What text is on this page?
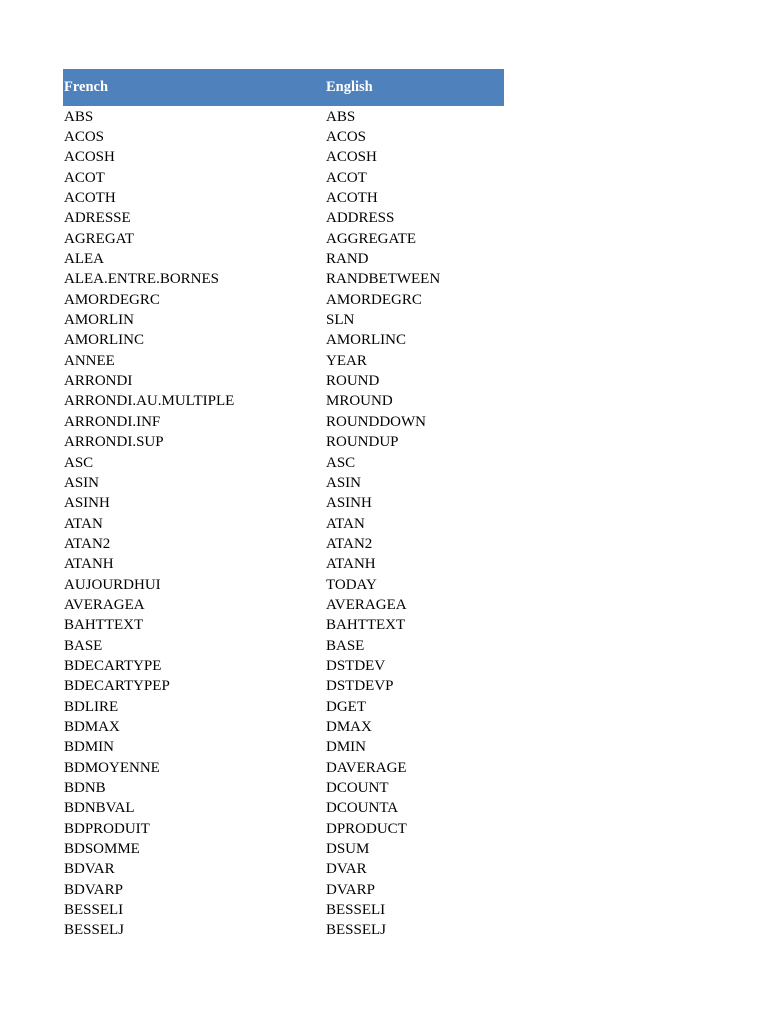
French	English
ABS	ABS
ACOS	ACOS
ACOSH	ACOSH
ACOT	ACOT
ACOTH	ACOTH
ADRESSE	ADDRESS
AGREGAT	AGGREGATE
ALEA	RAND
ALEA.ENTRE.BORNES	RANDBETWEEN
AMORDEGRC	AMORDEGRC
AMORLIN	SLN
AMORLINC	AMORLINC
ANNEE	YEAR
ARRONDI	ROUND
ARRONDI.AU.MULTIPLE	MROUND
ARRONDI.INF	ROUNDDOWN
ARRONDI.SUP	ROUNDUP
ASC	ASC
ASIN	ASIN
ASINH	ASINH
ATAN	ATAN
ATAN2	ATAN2
ATANH	ATANH
AUJOURDHUI	TODAY
AVERAGEA	AVERAGEA
BAHTTEXT	BAHTTEXT
BASE	BASE
BDECARTYPE	DSTDEV
BDECARTYPEP	DSTDEVP
BDLIRE	DGET
BDMAX	DMAX
BDMIN	DMIN
BDMOYENNE	DAVERAGE
BDNB	DCOUNT
BDNBVAL	DCOUNTA
BDPRODUIT	DPRODUCT
BDSOMME	DSUM
BDVAR	DVAR
BDVARP	DVARP
BESSELI	BESSELI
BESSELJ	BESSELJ
